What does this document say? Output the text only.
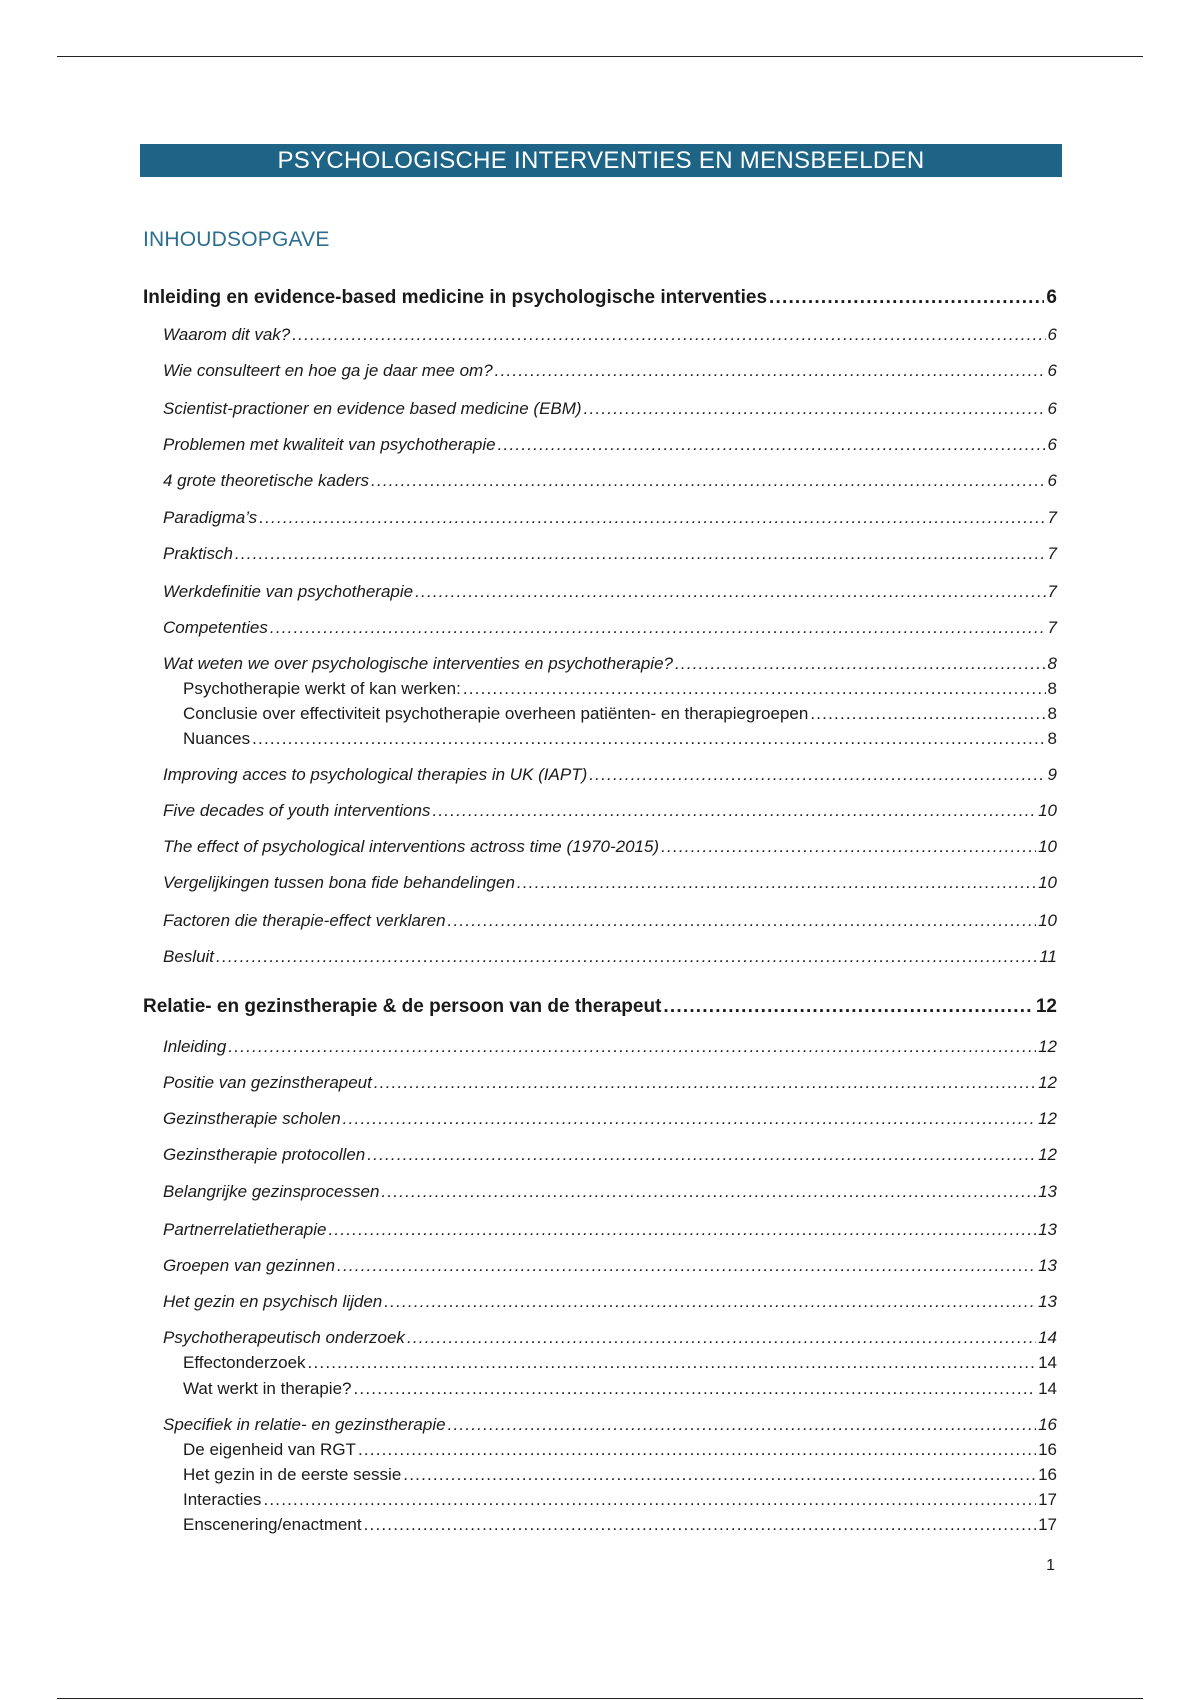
PSYCHOLOGISCHE INTERVENTIES EN MENSBEELDEN
INHOUDSOPGAVE
Inleiding en evidence-based medicine in psychologische interventies .....	6
Waarom dit vak? .....	6
Wie consulteert en hoe ga je daar mee om? .....	6
Scientist-practioner en evidence based medicine (EBM) .....	6
Problemen met kwaliteit van psychotherapie .....	6
4 grote theoretische kaders .....	6
Paradigma’s .....	7
Praktisch .....	7
Werkdefinitie van psychotherapie .....	7
Competenties .....	7
Wat weten we over psychologische interventies en psychotherapie? .....	8
Psychotherapie werkt of kan werken: .....	8
Conclusie over effectiviteit psychotherapie overheen patiënten- en therapiegroepen .....	8
Nuances .....	8
Improving acces to psychological therapies in UK (IAPT) .....	9
Five decades of youth interventions .....	10
The effect of psychological interventions actross time (1970-2015) .....	10
Vergelijkingen tussen bona fide behandelingen .....	10
Factoren die therapie-effect verklaren .....	10
Besluit .....	11
Relatie- en gezinstherapie & de persoon van de therapeut .....	12
Inleiding .....	12
Positie van gezinstherapeut .....	12
Gezinstherapie scholen .....	12
Gezinstherapie protocollen .....	12
Belangrijke gezinsprocessen .....	13
Partnerrelatietherapie .....	13
Groepen van gezinnen .....	13
Het gezin en psychisch lijden .....	13
Psychotherapeutisch onderzoek .....	14
Effectonderzoek .....	14
Wat werkt in therapie? .....	14
Specifiek in relatie- en gezinstherapie .....	16
De eigenheid van RGT .....	16
Het gezin in de eerste sessie .....	16
Interacties .....	17
Enscenering/enactment .....	17
1
